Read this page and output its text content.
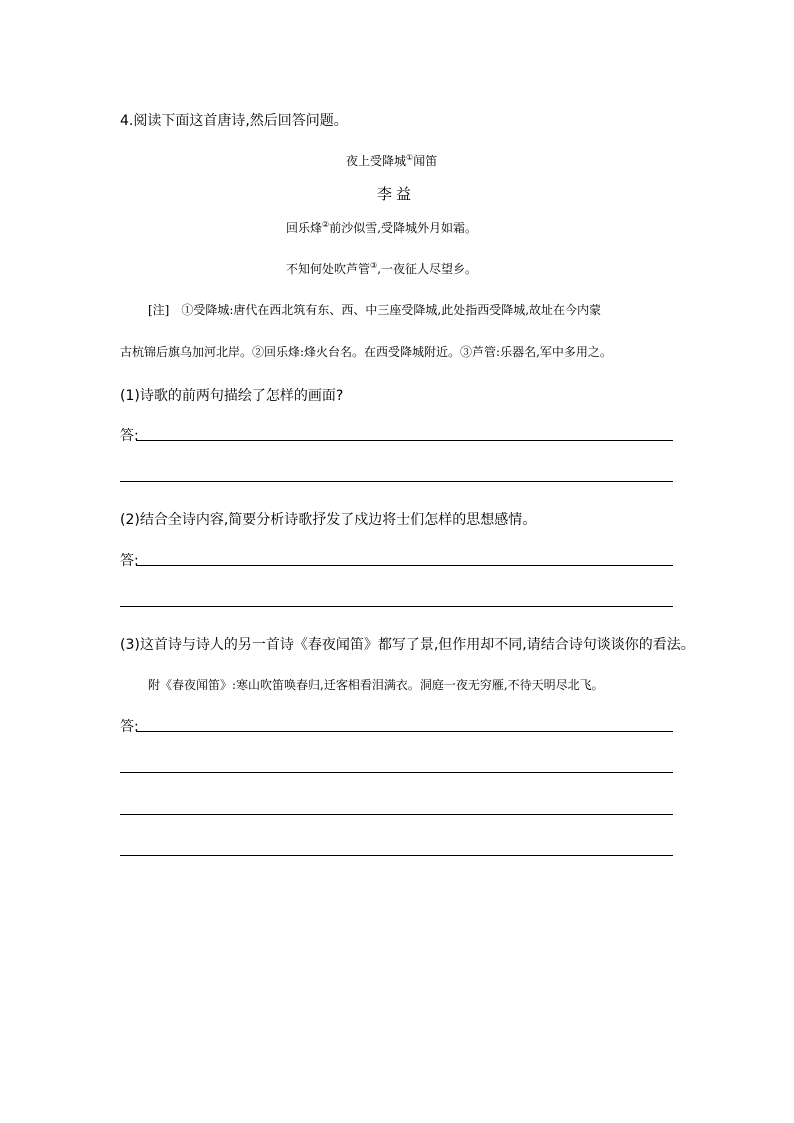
4.阅读下面这首唐诗,然后回答问题。
夜上受降城①闻笛
李益
回乐烽②前沙似雪,受降城外月如霜。
不知何处吹芦管③,一夜征人尽望乡。
[注]　①受降城:唐代在西北筑有东、西、中三座受降城,此处指西受降城,故址在今内蒙
古杭锦后旗乌加河北岸。②回乐烽:烽火台名。在西受降城附近。③芦管:乐器名,军中多用之。
(1)诗歌的前两句描绘了怎样的画面?
答:
(2)结合全诗内容,简要分析诗歌抒发了戍边将士们怎样的思想感情。
答:
(3)这首诗与诗人的另一首诗《春夜闻笛》都写了景,但作用却不同,请结合诗句谈谈你的看法。
附《春夜闻笛》:寒山吹笛唤春归,迁客相看泪满衣。洞庭一夜无穷雁,不待天明尽北飞。
答:
